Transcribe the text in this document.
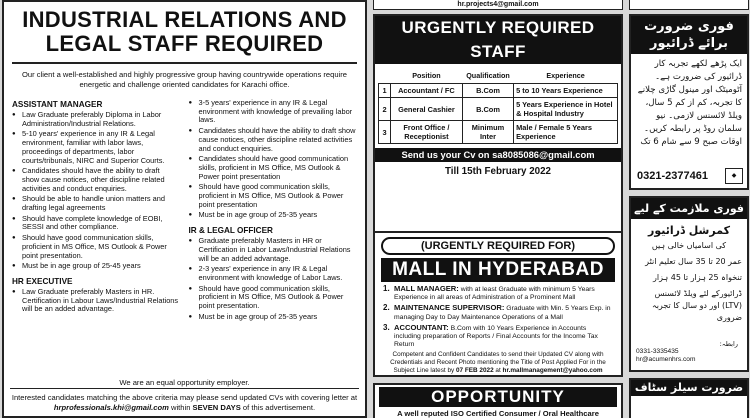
INDUSTRIAL RELATIONS AND
LEGAL STAFF REQUIRED
Our client a well-established and highly progressive group having countrywide operations require energetic and challenge oriented candidates for Karachi office.
ASSISTANT MANAGER
● Law Graduate preferably Diploma in Labor Administration/Industrial Relations.
● 5-10 years' experience in any IR & Legal environment, familiar with labor laws, proceedings of departments, labor courts/tribunals, NIRC and Superior Courts.
● Candidates should have the ability to draft show cause notices, other discipline related activities and conduct enquiries.
● Should be able to handle union matters and drafting legal agreements
● Should have complete knowledge of EOBI, SESSI and other compliance.
● Should have good communication skills, proficient in MS Office, MS Outlook & Power point presentation.
● Must be in age group of 25-45 years
HR EXECUTIVE
● Law Graduate preferably Masters in HR. Certification in Labour Laws/Industrial Relations will be an added advantage.
● 3-5 years' experience in any IR & Legal environment with knowledge of prevailing labor laws.
● Candidates should have the ability to draft show cause notices, other discipline related activities and conduct enquiries.
● Candidates should have good communication skills, proficient in MS Office, MS Outlook & Power point presentation
● Should have good communication skills, proficient in MS Office, MS Outlook & Power point presentation
● Must be in age group of 25-35 years
IR & LEGAL OFFICER
● Graduate preferably Masters in HR or Certification in Labor Laws/Industrial Relations will be an added advantage.
● 2-3 years' experience in any IR & Legal environment with knowledge of Labor Laws.
● Should have good communication skills, proficient in MS Office, MS Outlook & Power point presentation.
● Must be in age group of 25-35 years
We are an equal opportunity employer.
Interested candidates matching the above criteria may please send updated CVs with covering letter at hrprofessionals.khi@gmail.com within SEVEN DAYS of this advertisement.
hr.projects4@gmail.com
URGENTLY REQUIRED STAFF
	Position	Qualification	Experience
1	Accountant / FC	B.Com	5 to 10 Years Experience
2	General Cashier	B.Com	5 Years Experience in Hotel & Hospital Industry
3	Front Office / Receptionist	Minimum Inter	Male / Female 5 Years Experience
Send us your Cv on sa8085086@gmail.com
Till 15th February 2022
فوری ضرورت
برائے ڈرائیور
ایک پڑھے لکھے تجربہ کار ڈرائیور کی ضرورت ہے۔ آٹومیٹک اور مینول گاڑی چلانے کا تجربہ، کم از کم 5 سال، ویلڈ لائسنس لازمی۔ نیو سلمان روڈ پر رابطہ کریں۔ اوقات صبح 9 سے شام 6 تک
0321-2377461	◆
(URGENTLY REQUIRED FOR)
MALL IN HYDERABAD
1. MALL MANAGER: with at least Graduate with minimum 5 Years Experience in all areas of Administration of a Prominent Mall
2. MAINTENANCE SUPERVISOR: Graduate with Min. 5 Years Exp. in managing Day to Day Maintenance Operations of a Mall
3. ACCOUNTANT: B.Com with 10 Years Experience in Accounts including preparation of Reports / Final Accounts for the Income Tax Return
Competent and Confident Candidates to send their Updated CV along with Credentials and Recent Photo mentioning the Title of Post Applied For in the Subject Line latest by 07 FEB 2022 at hr.mallmanagement@yahoo.com
فوری ملازمت کے لیے
کمرشل ڈرائیور
کی اسامیاں خالی ہیں
عمر 20 تا 35 سال تعلیم انٹر
تنخواہ 25 ہزار تا 45 ہزار
ڈرائیورکے لئے ویلڈ لائسنس (LTV) اور دو سال کا تجربہ ضروری
رابطہ:
0331-3335435
hr@acumenhrs.com
OPPORTUNITY
A well reputed ISO Certified Consumer / Oral Healthcare
ضرورت سیلز سٹاف
